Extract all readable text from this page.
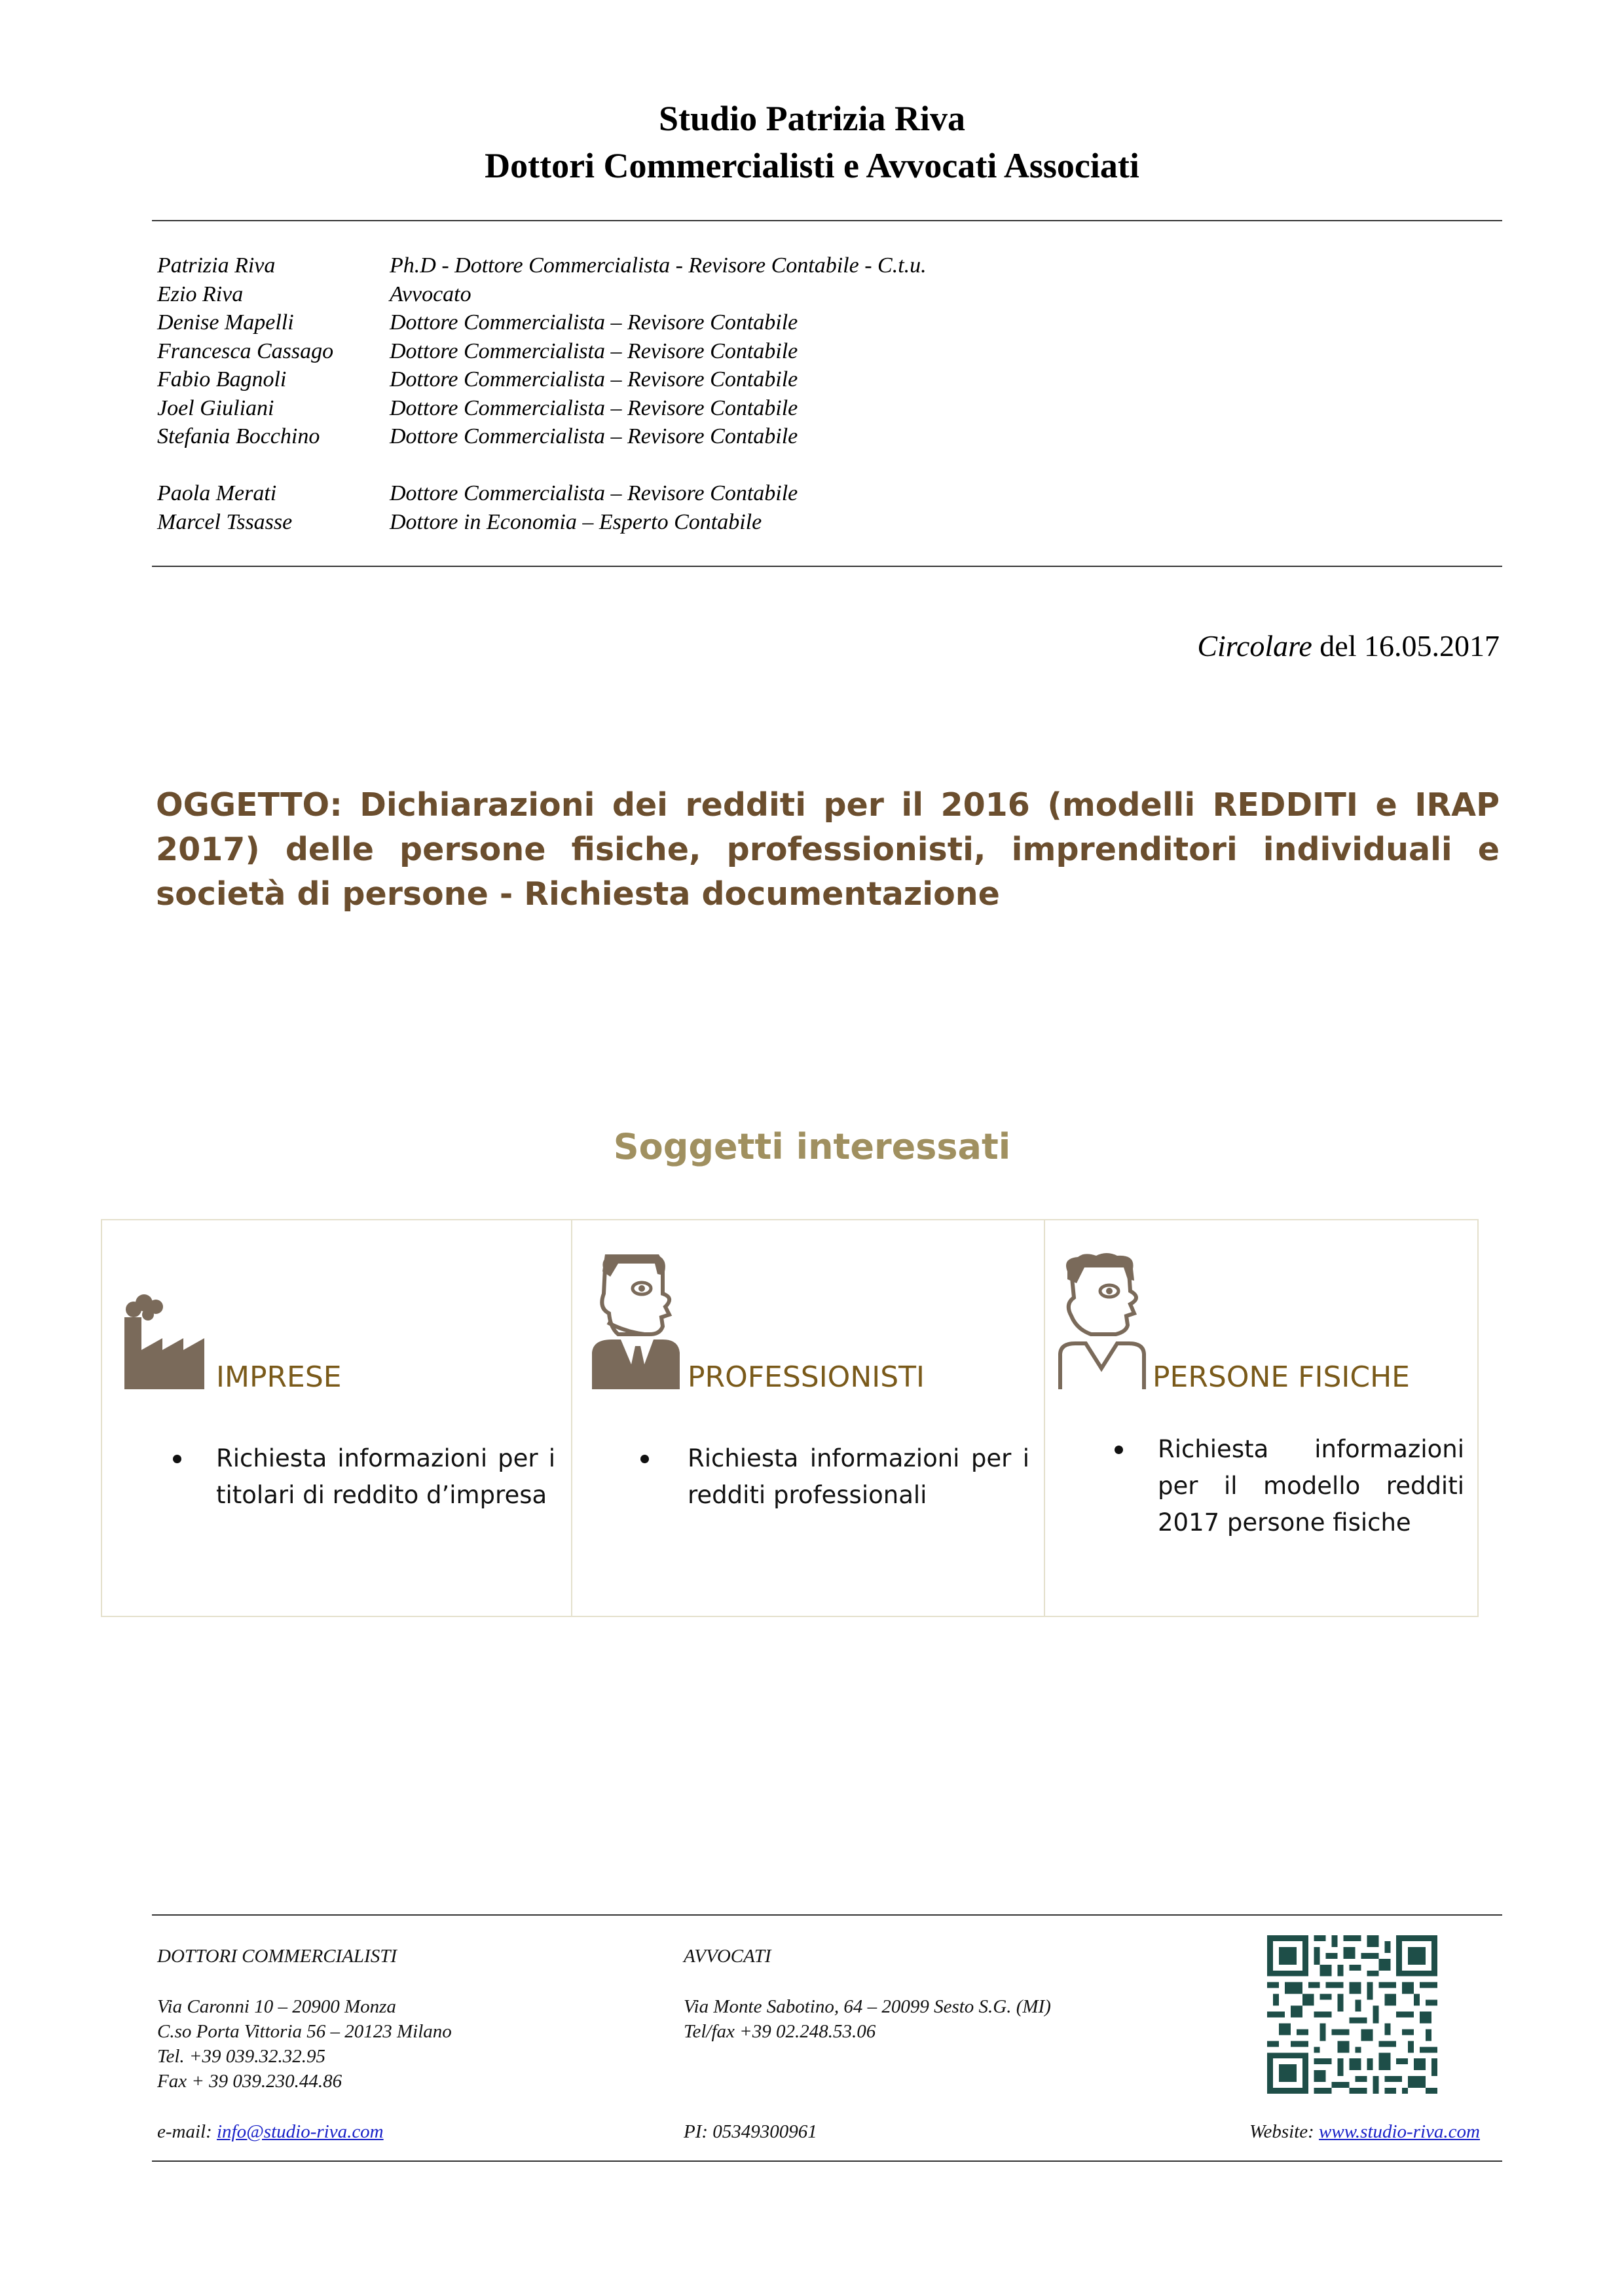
Studio Patrizia Riva
Dottori Commercialisti e Avvocati Associati
Patrizia Riva	Ph.D - Dottore Commercialista - Revisore Contabile - C.t.u.
Ezio Riva	Avvocato
Denise Mapelli	Dottore Commercialista – Revisore Contabile
Francesca Cassago	Dottore Commercialista – Revisore Contabile
Fabio Bagnoli	Dottore Commercialista – Revisore Contabile
Joel Giuliani	Dottore Commercialista – Revisore Contabile
Stefania Bocchino	Dottore Commercialista – Revisore Contabile
Paola Merati	Dottore Commercialista – Revisore Contabile
Marcel Tssasse	Dottore in Economia – Esperto Contabile
Circolare del 16.05.2017
OGGETTO: Dichiarazioni dei redditi per il 2016 (modelli REDDITI e IRAP 2017) delle persone fisiche, professionisti, imprenditori individuali e società di persone - Richiesta documentazione
Soggetti interessati
IMPRESE
Richiesta informazioni per i titolari di reddito d’impresa
PROFESSIONISTI
Richiesta informazioni per i redditi professionali
PERSONE FISICHE
Richiesta informazioni per il modello redditi 2017 persone fisiche
DOTTORI COMMERCIALISTI
Via Caronni 10 – 20900 Monza
C.so Porta Vittoria 56 – 20123 Milano
Tel. +39 039.32.32.95
Fax + 39 039.230.44.86
e-mail: info@studio-riva.com
AVVOCATI
Via Monte Sabotino, 64 – 20099 Sesto S.G. (MI)
Tel/fax +39 02.248.53.06
PI: 05349300961	Website: www.studio-riva.com
